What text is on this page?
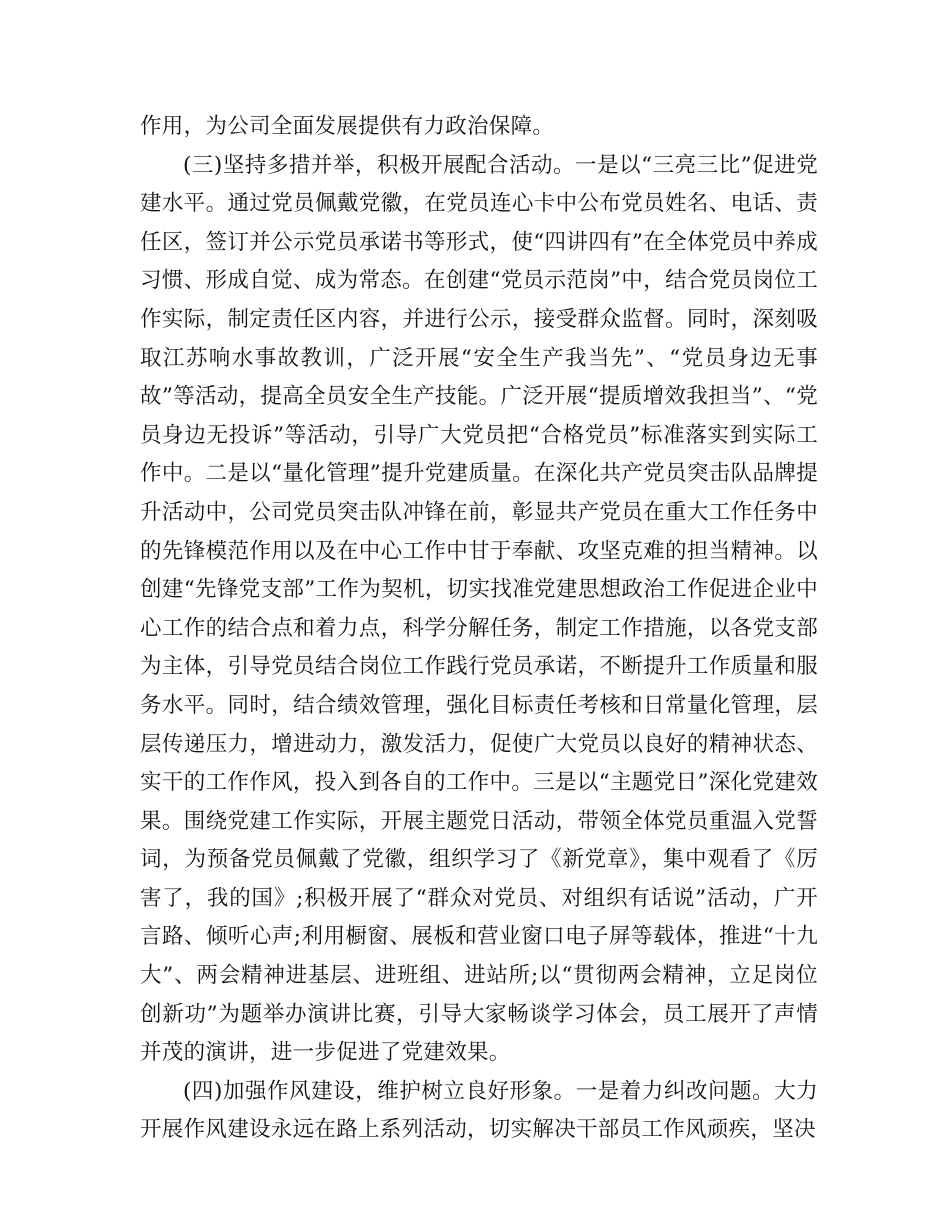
作用，为公司全面发展提供有力政治保障。

(三)坚持多措并举，积极开展配合活动。一是以“三亮三比”促进党建水平。通过党员佩戴党徽，在党员连心卡中公布党员姓名、电话、责任区，签订并公示党员承诺书等形式，使“四讲四有”在全体党员中养成习惯、形成自觉、成为常态。在创建“党员示范岗”中，结合党员岗位工作实际，制定责任区内容，并进行公示，接受群众监督。同时，深刻吸取江苏响水事故教训，广泛开展“安全生产我当先”、“党员身边无事故”等活动，提高全员安全生产技能。广泛开展“提质增效我担当”、“党员身边无投诉”等活动，引导广大党员把“合格党员”标准落实到实际工作中。二是以“量化管理”提升党建质量。在深化共产党员突击队品牌提升活动中，公司党员突击队冲锋在前，彰显共产党员在重大工作任务中的先锋模范作用以及在中心工作中甘于奉献、攻坚克难的担当精神。以创建“先锋党支部”工作为契机，切实找准党建思想政治工作促进企业中心工作的结合点和着力点，科学分解任务，制定工作措施，以各党支部为主体，引导党员结合岗位工作践行党员承诺，不断提升工作质量和服务水平。同时，结合绩效管理，强化目标责任考核和日常量化管理，层层传递压力，增进动力，激发活力，促使广大党员以良好的精神状态、实干的工作作风，投入到各自的工作中。三是以“主题党日”深化党建效果。围绕党建工作实际，开展主题党日活动，带领全体党员重温入党誓词，为预备党员佩戴了党徽，组织学习了《新党章》，集中观看了《厉害了，我的国》;积极开展了“群众对党员、对组织有话说”活动，广开言路、倾听心声;利用橱窗、展板和营业窗口电子屏等载体，推进“十九大”、两会精神进基层、进班组、进站所;以“贯彻两会精神，立足岗位创新功”为题举办演讲比赛，引导大家畅谈学习体会，员工展开了声情并茂的演讲，进一步促进了党建效果。

(四)加强作风建设，维护树立良好形象。一是着力纠改问题。大力开展作风建设永远在路上系列活动，切实解决干部员工作风顽疾，坚决
